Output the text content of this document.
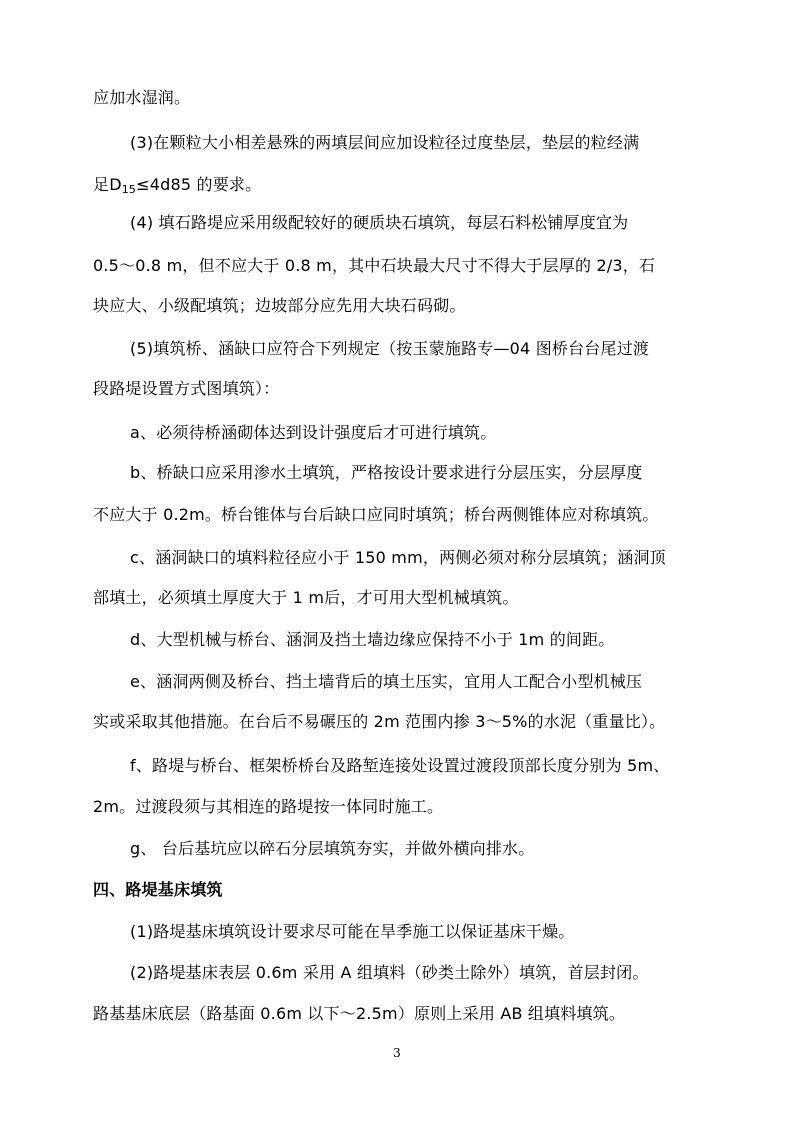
应加水湿润。
(3)在颗粒大小相差悬殊的两填层间应加设粒径过度垫层，垫层的粒经满
足$D_{15}\le 4d85$ 的要求。
(4) 填石路堤应采用级配较好的硬质块石填筑，每层石料松铺厚度宜为
0.5～0.8 m，但不应大于 0.8 m，其中石块最大尺寸不得大于层厚的 2/3，石
块应大、小级配填筑；边坡部分应先用大块石码砌。
(5)填筑桥、涵缺口应符合下列规定（按玉蒙施路专—04 图桥台台尾过渡
段路堤设置方式图填筑）：
a、必须待桥涵砌体达到设计强度后才可进行填筑。
b、桥缺口应采用渗水土填筑，严格按设计要求进行分层压实，分层厚度
不应大于 0.2m。桥台锥体与台后缺口应同时填筑；桥台两侧锥体应对称填筑。
c、涵洞缺口的填料粒径应小于 150 mm，两侧必须对称分层填筑；涵洞顶
部填土，必须填土厚度大于 1 m后，才可用大型机械填筑。
d、大型机械与桥台、涵洞及挡土墙边缘应保持不小于 1m 的间距。
e、涵洞两侧及桥台、挡土墙背后的填土压实，宜用人工配合小型机械压
实或采取其他措施。在台后不易碾压的 2m 范围内掺 3～5%的水泥（重量比）。
f、路堤与桥台、框架桥桥台及路堑连接处设置过渡段顶部长度分别为 5m、
2m。过渡段须与其相连的路堤按一体同时施工。
g、 台后基坑应以碎石分层填筑夯实，并做外横向排水。
四、路堤基床填筑
(1)路堤基床填筑设计要求尽可能在旱季施工以保证基床干燥。
(2)路堤基床表层 0.6m 采用 A 组填料（砂类土除外）填筑，首层封闭。
路基基床底层（路基面 0.6m 以下～2.5m）原则上采用 AB 组填料填筑。
3
